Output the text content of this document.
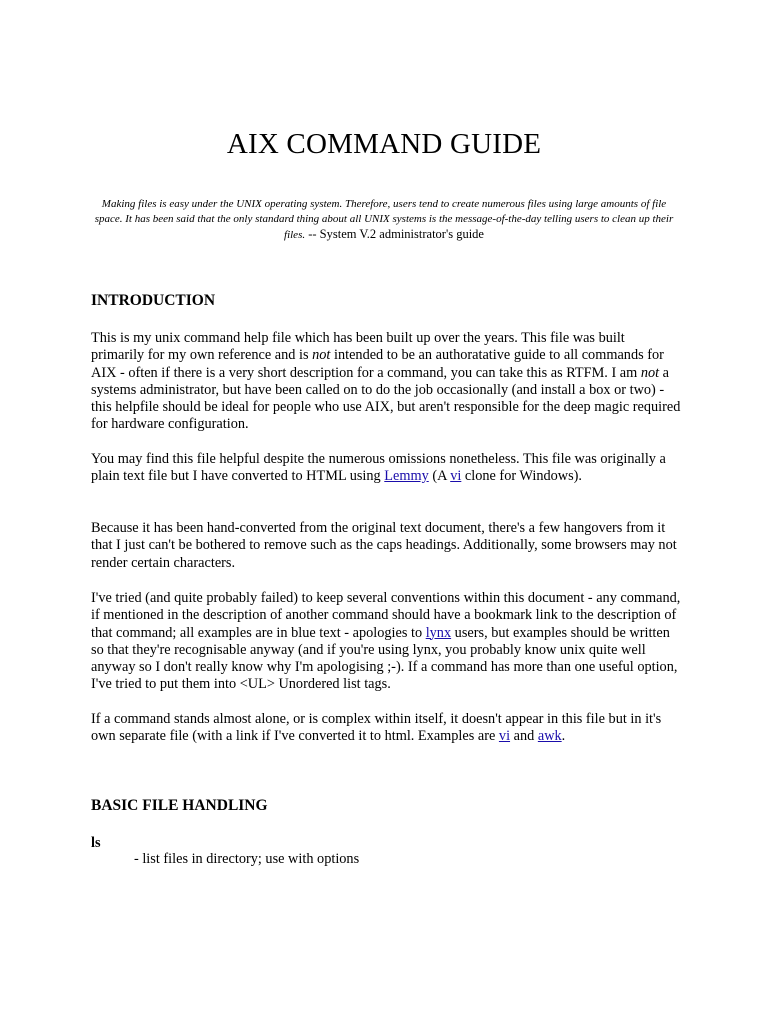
AIX COMMAND GUIDE

Making files is easy under the UNIX operating system. Therefore, users tend to create numerous files using large amounts of file space. It has been said that the only standard thing about all UNIX systems is the message-of-the-day telling users to clean up their files. -- System V.2 administrator's guide

INTRODUCTION

This is my unix command help file which has been built up over the years. This file was built primarily for my own reference and is not intended to be an authoratative guide to all commands for AIX - often if there is a very short description for a command, you can take this as RTFM. I am not a systems administrator, but have been called on to do the job occasionally (and install a box or two) - this helpfile should be ideal for people who use AIX, but aren't responsible for the deep magic required for hardware configuration.

You may find this file helpful despite the numerous omissions nonetheless. This file was originally a plain text file but I have converted to HTML using Lemmy (A vi clone for Windows).

Because it has been hand-converted from the original text document, there's a few hangovers from it that I just can't be bothered to remove such as the caps headings. Additionally, some browsers may not render certain characters.

I've tried (and quite probably failed) to keep several conventions within this document - any command, if mentioned in the description of another command should have a bookmark link to the description of that command; all examples are in blue text - apologies to lynx users, but examples should be written so that they're recognisable anyway (and if you're using lynx, you probably know unix quite well anyway so I don't really know why I'm apologising ;-). If a command has more than one useful option, I've tried to put them into <UL> Unordered list tags.

If a command stands almost alone, or is complex within itself, it doesn't appear in this file but in it's own separate file (with a link if I've converted it to html. Examples are vi and awk.

BASIC FILE HANDLING

ls

- list files in directory; use with options
